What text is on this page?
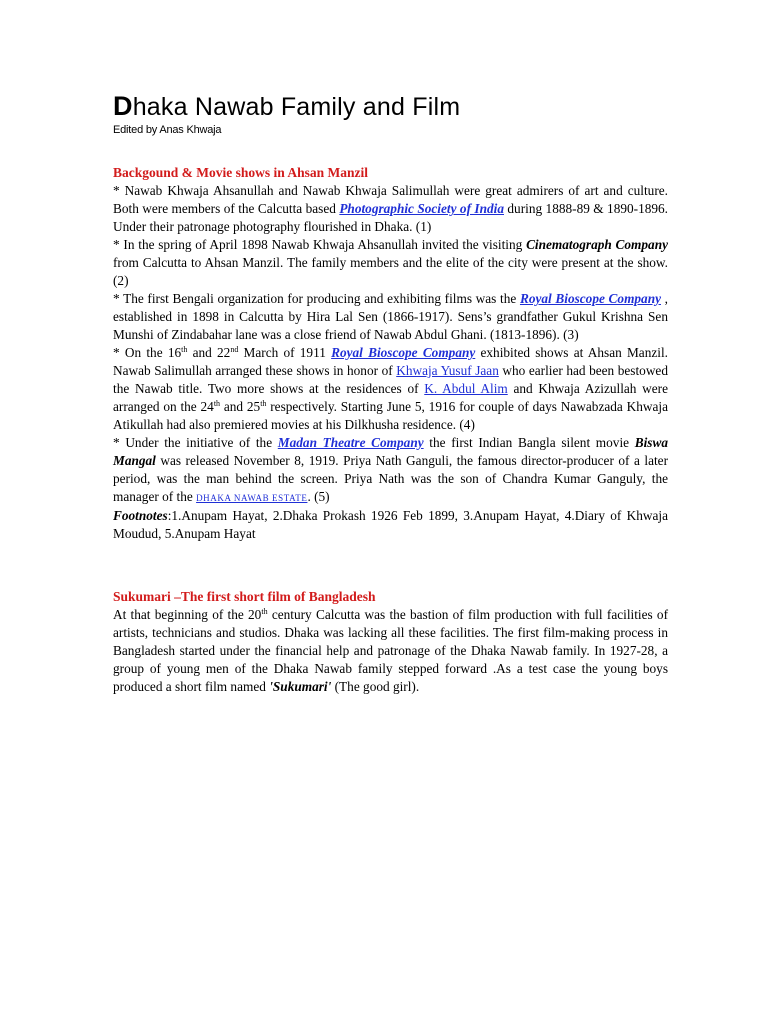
Dhaka Nawab Family and Film
Edited by Anas Khwaja
Backgound & Movie shows in Ahsan Manzil

* Nawab Khwaja Ahsanullah and Nawab Khwaja Salimullah were great admirers of art and culture. Both were members of the Calcutta based Photographic Society of India during 1888-89 & 1890-1896. Under their patronage photography flourished in Dhaka. (1)

* In the spring of April 1898 Nawab Khwaja Ahsanullah invited the visiting Cinematograph Company from Calcutta to Ahsan Manzil. The family members and the elite of the city were present at the show. (2)

* The first Bengali organization for producing and exhibiting films was the Royal Bioscope Company , established in 1898 in Calcutta by Hira Lal Sen (1866-1917). Sens’s grandfather Gukul Krishna Sen Munshi of Zindabahar lane was a close friend of Nawab Abdul Ghani. (1813-1896). (3)

* On the 16th and 22nd March of 1911 Royal Bioscope Company exhibited shows at Ahsan Manzil. Nawab Salimullah arranged these shows in honor of Khwaja Yusuf Jaan who earlier had been bestowed the Nawab title. Two more shows at the residences of K. Abdul Alim and Khwaja Azizullah were arranged on the 24th and 25th respectively. Starting June 5, 1916 for couple of days Nawabzada Khwaja Atikullah had also premiered movies at his Dilkhusha residence. (4)

* Under the initiative of the Madan Theatre Company the first Indian Bangla silent movie Biswa Mangal was released November 8, 1919. Priya Nath Ganguli, the famous director-producer of a later period, was the man behind the screen. Priya Nath was the son of Chandra Kumar Ganguly, the manager of the DHAKA NAWAB ESTATE. (5)

Footnotes:1.Anupam Hayat, 2.Dhaka Prokash 1926 Feb 1899, 3.Anupam Hayat, 4.Diary of Khwaja Moudud, 5.Anupam Hayat

Sukumari –The first short film of Bangladesh

At that beginning of the 20th century Calcutta was the bastion of film production with full facilities of artists, technicians and studios. Dhaka was lacking all these facilities. The first film-making process in Bangladesh started under the financial help and patronage of the Dhaka Nawab family. In 1927-28, a group of young men of the Dhaka Nawab family stepped forward .As a test case the young boys produced a short film named 'Sukumari' (The good girl).
